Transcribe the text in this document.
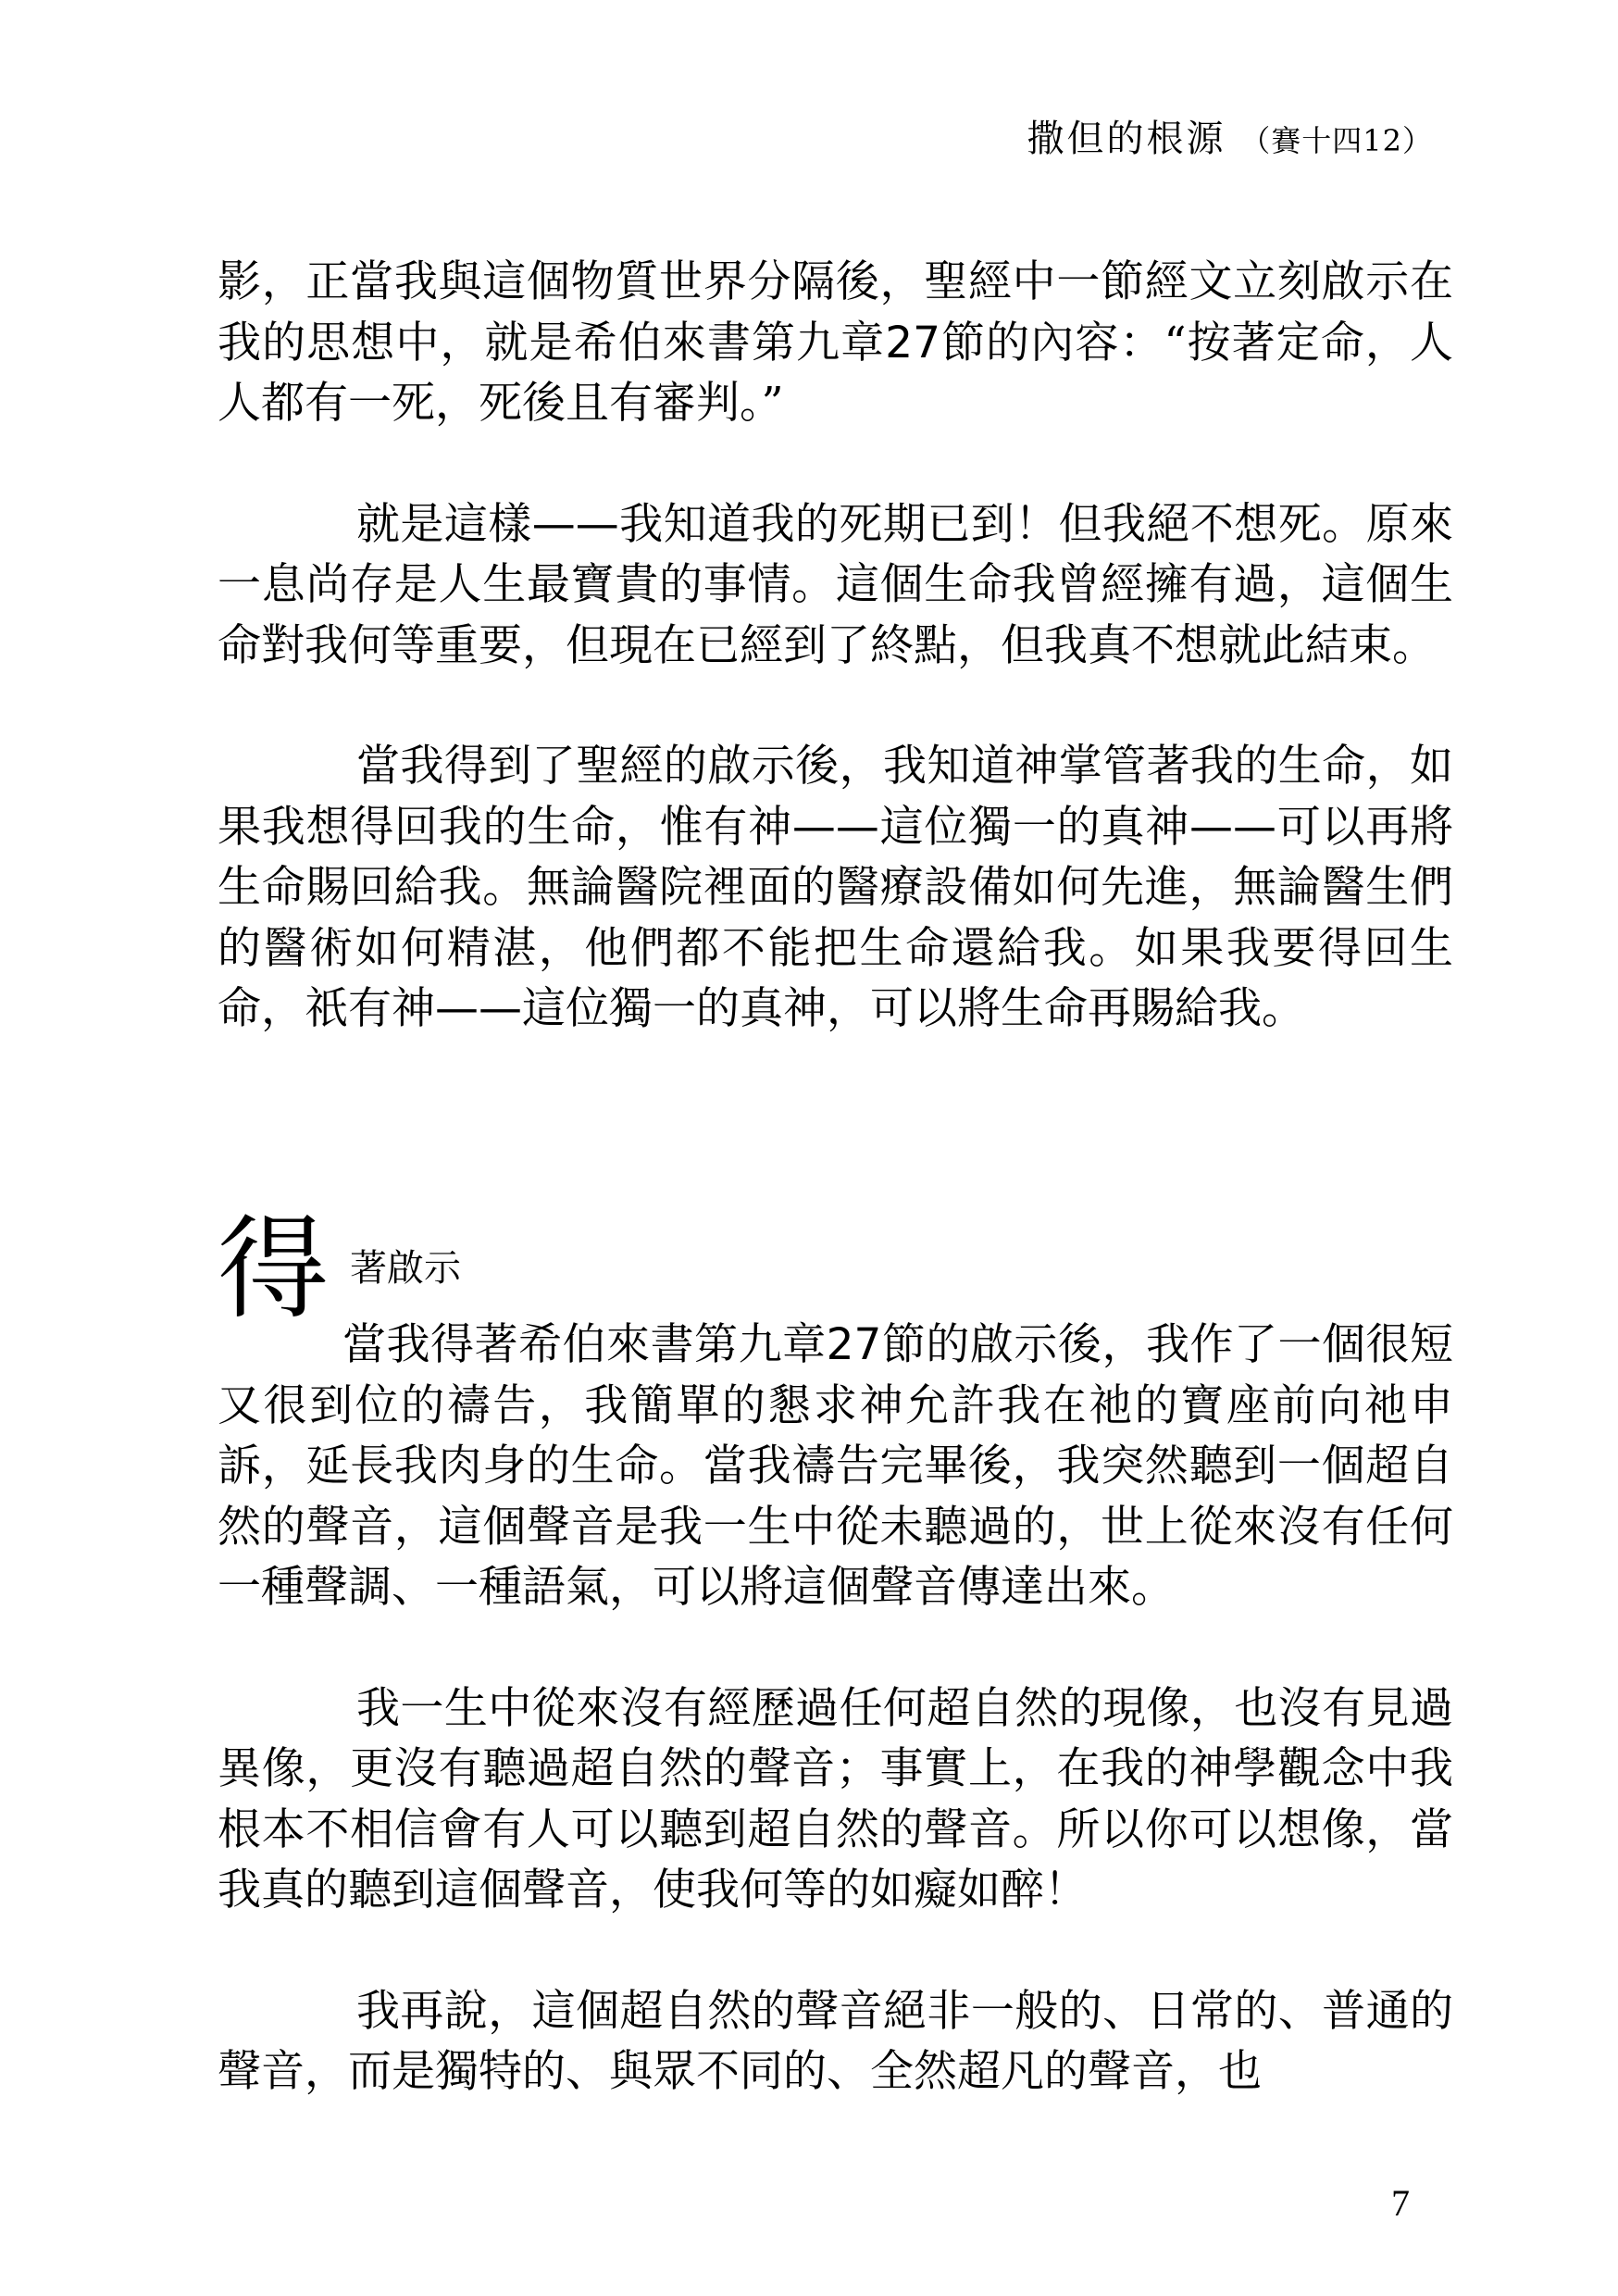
撒但的根源 （賽十四12）

影，正當我與這個物質世界分隔後，聖經中一節經文立刻啟示在我的思想中，就是希伯來書第九章27節的內容：“按著定命，人人都有一死，死後且有審判。”

就是這樣——我知道我的死期已到！但我絕不想死。原來一息尚存是人生最寶貴的事情。這個生命我曾經擁有過，這個生命對我何等重要，但現在已經到了終點，但我真不想就此結束。

當我得到了聖經的啟示後，我知道神掌管著我的生命，如果我想得回我的生命，惟有神——這位獨一的真神——可以再將生命賜回給我。無論醫院裡面的醫療設備如何先進，無論醫生們的醫術如何精湛，他們都不能把生命還給我。如果我要得回生命，祇有神——這位獨一的真神，可以將生命再賜給我。

得 著啟示

當我得著希伯來書第九章27節的啟示後，我作了一個很短又很到位的禱告，我簡單的懇求神允許我在祂的寶座前向祂申訴，延長我肉身的生命。當我禱告完畢後，我突然聽到一個超自然的聲音，這個聲音是我一生中從未聽過的，世上從來沒有任何一種聲調、一種語氣，可以將這個聲音傳達出來。

我一生中從來沒有經歷過任何超自然的現像，也沒有見過異像，更沒有聽過超自然的聲音；事實上，在我的神學觀念中我根本不相信會有人可以聽到超自然的聲音。所以你可以想像，當我真的聽到這個聲音，使我何等的如癡如醉！

我再說，這個超自然的聲音絕非一般的、日常的、普通的聲音，而是獨特的、與眾不同的、全然超凡的聲音，也

7
